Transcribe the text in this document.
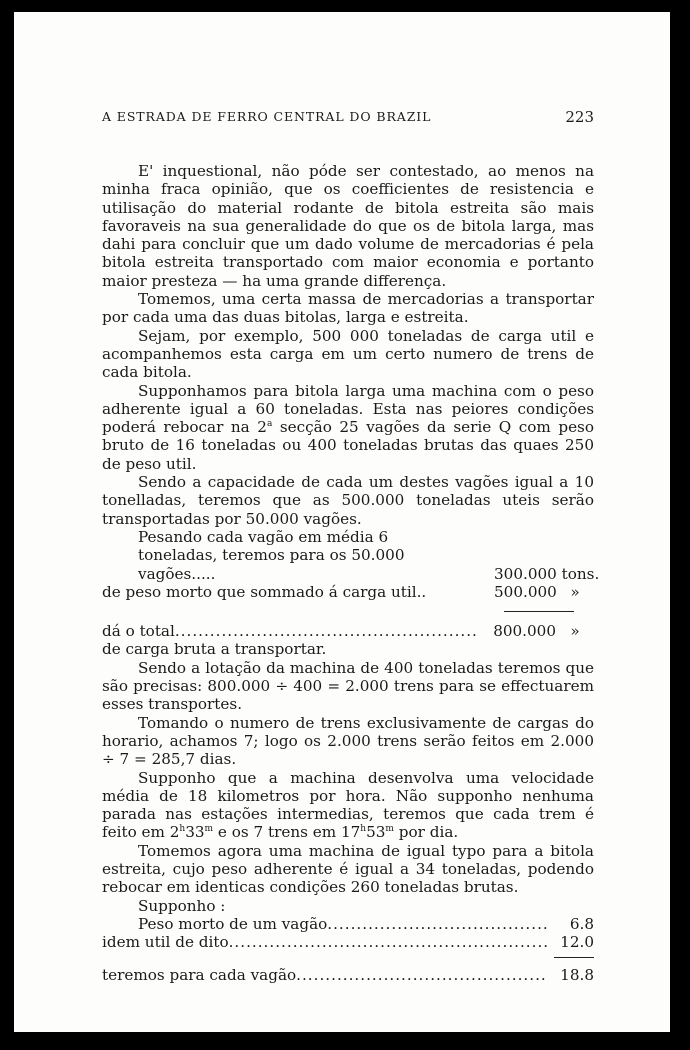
A ESTRADA DE FERRO CENTRAL DO BRAZIL	223

E' inquestional, não póde ser contestado, ao menos na minha fraca opinião, que os coefficientes de resistencia e utilisação do material rodante de bitola estreita são mais favoraveis na sua generalidade do que os de bitola larga, mas dahi para concluir que um dado volume de mercadorias é pela bitola estreita transportado com maior economia e portanto maior presteza — ha uma grande differença.

Tomemos, uma certa massa de mercadorias a transportar por cada uma das duas bitolas, larga e estreita.

Sejam, por exemplo, 500 000 toneladas de carga util e acompanhemos esta carga em um certo numero de trens de cada bitola.

Supponhamos para bitola larga uma machina com o peso adherente igual a 60 toneladas. Esta nas peiores condições poderá rebocar na 2$^a$ secção 25 vagões da serie Q com peso bruto de 16 toneladas ou 400 toneladas brutas das quaes 250 de peso util.

Sendo a capacidade de cada um destes vagões igual a 10 tonelladas, teremos que as 500.000 toneladas uteis serão transportadas por 50.000 vagões.

Pesando cada vagão em média 6 toneladas, teremos para os 50.000 vagões.....	300.000 tons.
de peso morto que sommado á carga util..	500.000 »
dá o total .....	800.000 »

de carga bruta a transportar.

Sendo a lotação da machina de 400 toneladas teremos que são precisas: 800.000 ÷ 400 = 2.000 trens para se effectuarem esses transportes.

Tomando o numero de trens exclusivamente de cargas do horario, achamos 7; logo os 2.000 trens serão feitos em 2.000 ÷ 7 = 285,7 dias.

Supponho que a machina desenvolva uma velocidade média de 18 kilometros por hora. Não supponho nenhuma parada nas estações intermedias, teremos que cada trem é feito em 2$^h$33$^m$ e os 7 trens em 17$^h$53$^m$ por dia.

Tomemos agora uma machina de igual typo para a bitola estreita, cujo peso adherente é igual a 34 toneladas, podendo rebocar em identicas condições 260 toneladas brutas.

Supponho :

Peso morto de um vagão .....	6.8
idem util de dito .....	12.0
teremos para cada vagão .....	18.8
